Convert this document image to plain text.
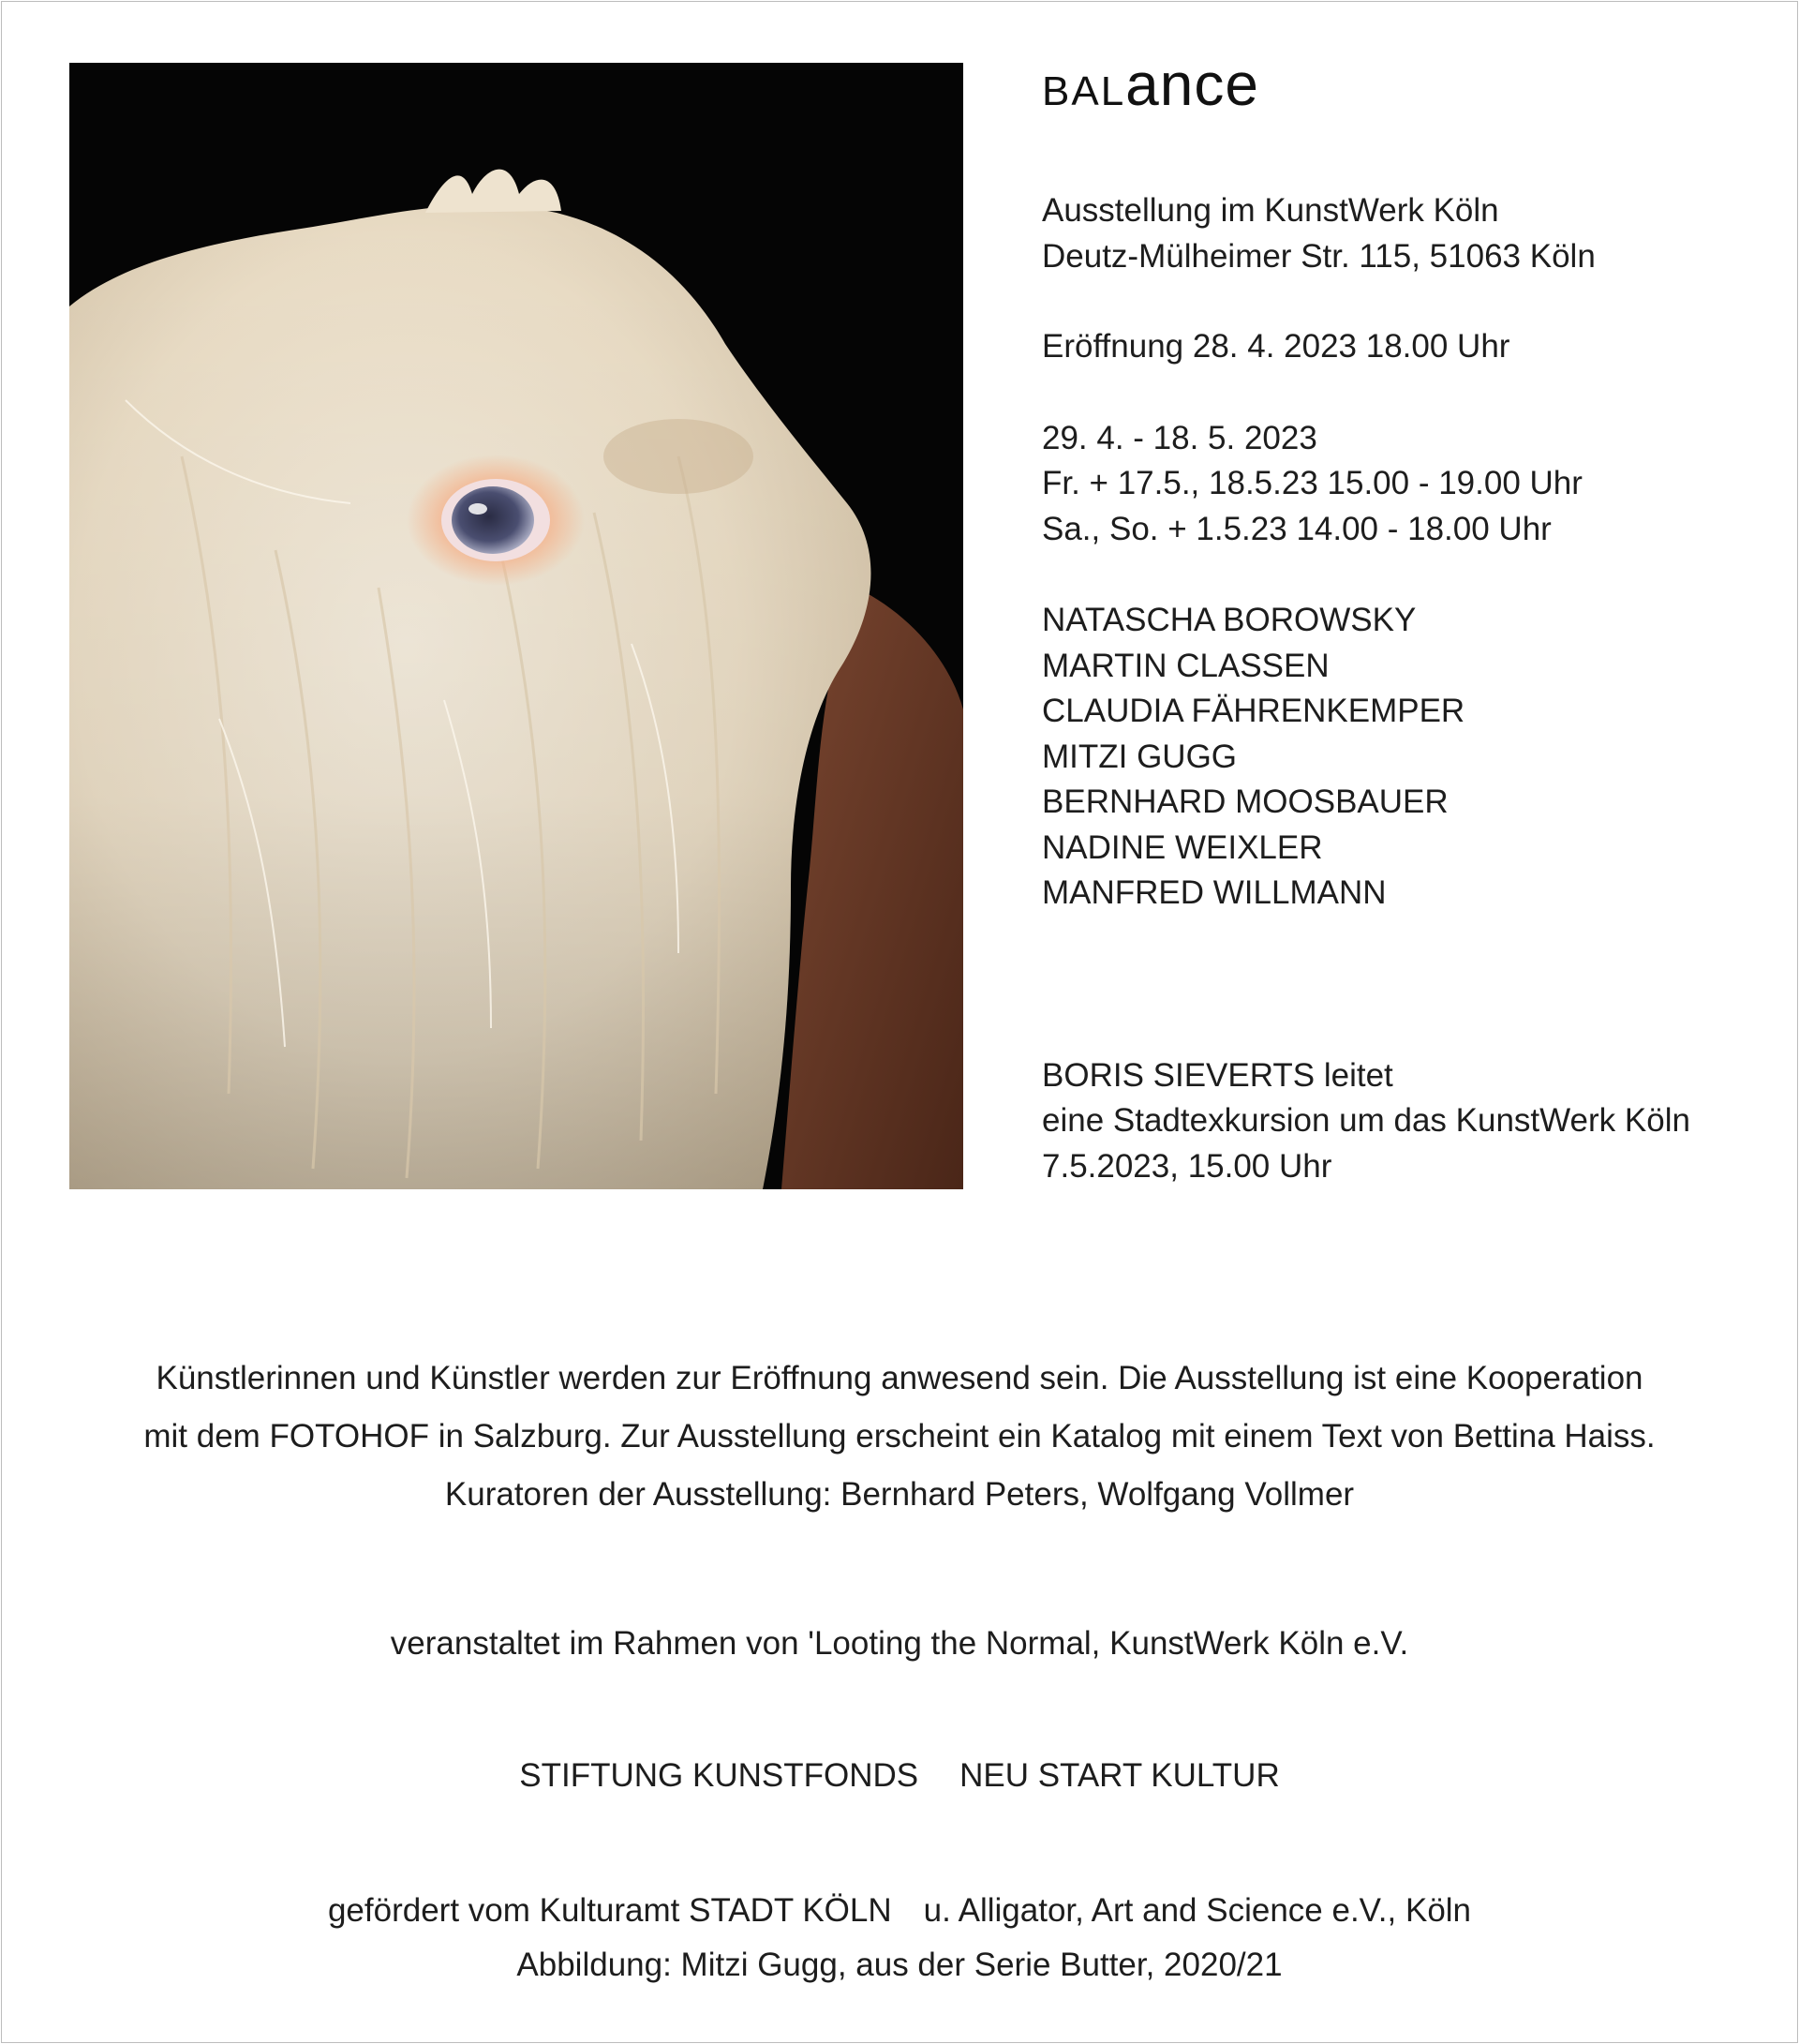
BALance

Ausstellung im KunstWerk Köln
Deutz-Mülheimer Str. 115, 51063 Köln

Eröffnung 28. 4. 2023 18.00 Uhr

29. 4. - 18. 5. 2023
Fr. + 17.5., 18.5.23 15.00 - 19.00 Uhr
Sa., So. + 1.5.23 14.00 - 18.00 Uhr

NATASCHA BOROWSKY
MARTIN CLASSEN
CLAUDIA FÄHRENKEMPER
MITZI GUGG
BERNHARD MOOSBAUER
NADINE WEIXLER
MANFRED WILLMANN

BORIS SIEVERTS leitet
eine Stadtexkursion um das KunstWerk Köln
7.5.2023, 15.00 Uhr

Künstlerinnen und Künstler werden zur Eröffnung anwesend sein. Die Ausstellung ist eine Kooperation

mit dem FOTOHOF in Salzburg. Zur Ausstellung erscheint ein Katalog mit einem Text von Bettina Haiss.

Kuratoren der Ausstellung: Bernhard Peters, Wolfgang Vollmer

veranstaltet im Rahmen von 'Looting the Normal, KunstWerk Köln e.V.

STIFTUNG KUNSTFONDS NEU START KULTUR

gefördert vom Kulturamt STADT KÖLN u. Alligator, Art and Science e.V., Köln

Abbildung: Mitzi Gugg, aus der Serie Butter, 2020/21
